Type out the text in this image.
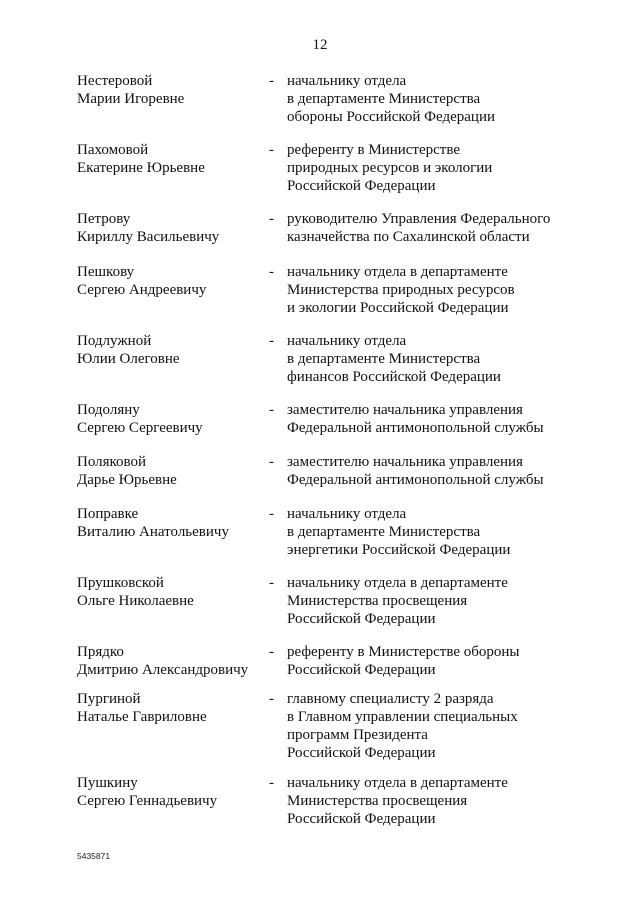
12
Нестеровой
Марии Игоревне
- начальнику отдела
в департаменте Министерства
обороны Российской Федерации
Пахомовой
Екатерине Юрьевне
- референту в Министерстве
природных ресурсов и экологии
Российской Федерации
Петрову
Кириллу Васильевичу
- руководителю Управления Федерального
казначейства по Сахалинской области
Пешкову
Сергею Андреевичу
- начальнику отдела в департаменте
Министерства природных ресурсов
и экологии Российской Федерации
Подлужной
Юлии Олеговне
- начальнику отдела
в департаменте Министерства
финансов Российской Федерации
Подоляну
Сергею Сергеевичу
- заместителю начальника управления
Федеральной антимонопольной службы
Поляковой
Дарье Юрьевне
- заместителю начальника управления
Федеральной антимонопольной службы
Поправке
Виталию Анатольевичу
- начальнику отдела
в департаменте Министерства
энергетики Российской Федерации
Прушковской
Ольге Николаевне
- начальнику отдела в департаменте
Министерства просвещения
Российской Федерации
Прядко
Дмитрию Александровичу
- референту в Министерстве обороны
Российской Федерации
Пургиной
Наталье Гавриловне
- главному специалисту 2 разряда
в Главном управлении специальных
программ Президента
Российской Федерации
Пушкину
Сергею Геннадьевичу
- начальнику отдела в департаменте
Министерства просвещения
Российской Федерации
5435871
